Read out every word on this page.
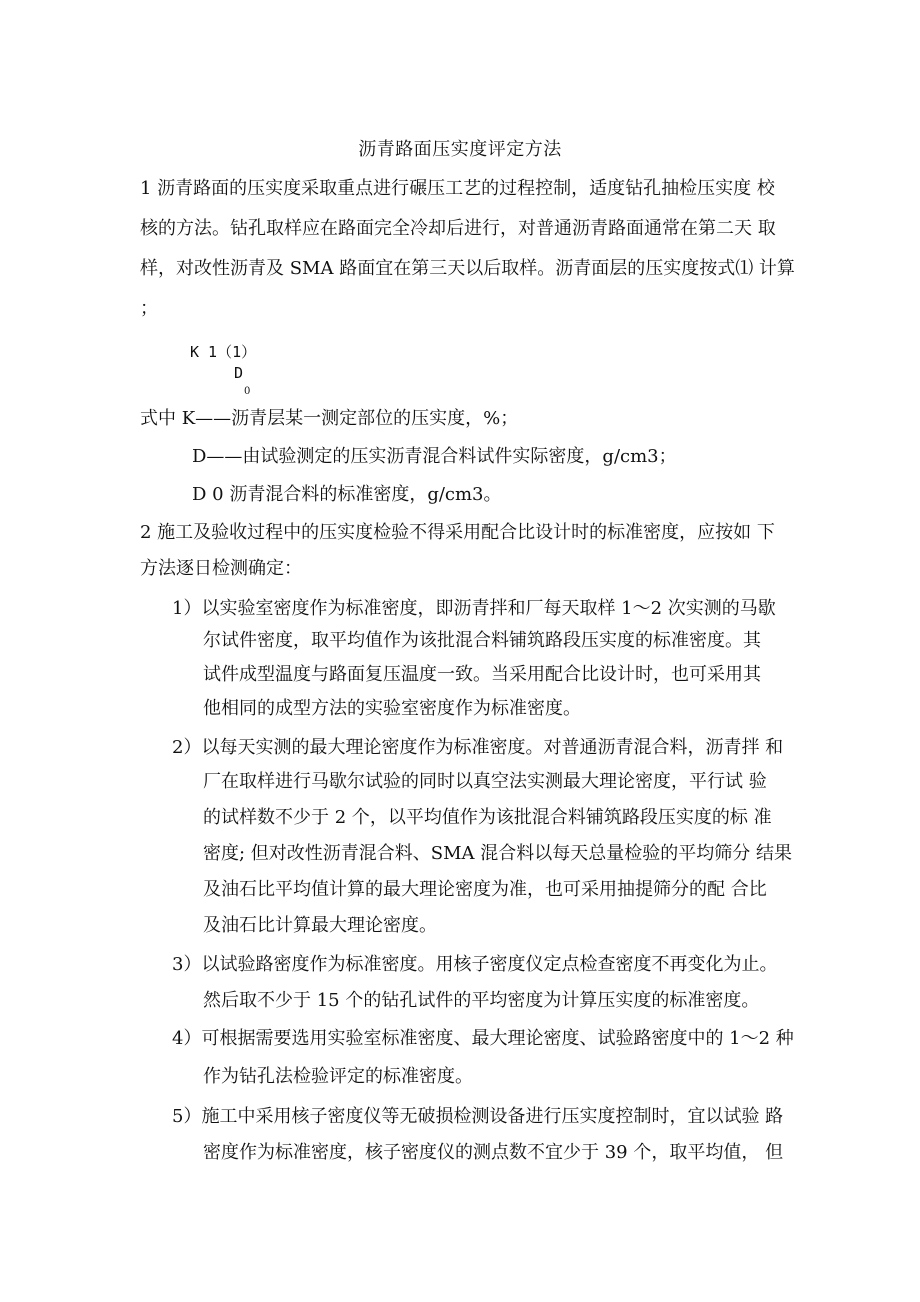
沥青路面压实度评定方法
1 沥青路面的压实度采取重点进行碾压工艺的过程控制，适度钻孔抽检压实度 校
核的方法。钻孔取样应在路面完全冷却后进行，对普通沥青路面通常在第二天 取
样，对改性沥青及 SMA 路面宜在第三天以后取样。沥青面层的压实度按式⑴ 计算
；
K 1（1）
D
0
式中 K——沥青层某一测定部位的压实度，%；
D——由试验测定的压实沥青混合料试件实际密度，g/cm3；
D 0 沥青混合料的标准密度，g/cm3。
2 施工及验收过程中的压实度检验不得采用配合比设计时的标准密度，应按如 下
方法逐日检测确定：
1）以实验室密度作为标准密度，即沥青拌和厂每天取样 1～2 次实测的马歇
尔试件密度，取平均值作为该批混合料铺筑路段压实度的标准密度。其
试件成型温度与路面复压温度一致。当采用配合比设计时，也可采用其
他相同的成型方法的实验室密度作为标准密度。
2）以每天实测的最大理论密度作为标准密度。对普通沥青混合料，沥青拌 和
厂在取样进行马歇尔试验的同时以真空法实测最大理论密度，平行试 验
的试样数不少于 2 个，以平均值作为该批混合料铺筑路段压实度的标 准
密度; 但对改性沥青混合料、SMA 混合料以每天总量检验的平均筛分 结果
及油石比平均值计算的最大理论密度为准，也可采用抽提筛分的配 合比
及油石比计算最大理论密度。
3）以试验路密度作为标准密度。用核子密度仪定点检查密度不再变化为止。
然后取不少于 15 个的钻孔试件的平均密度为计算压实度的标准密度。
4）可根据需要选用实验室标准密度、最大理论密度、试验路密度中的 1～2 种
作为钻孔法检验评定的标准密度。
5）施工中采用核子密度仪等无破损检测设备进行压实度控制时，宜以试验 路
密度作为标准密度，核子密度仪的测点数不宜少于 39 个，取平均值， 但
